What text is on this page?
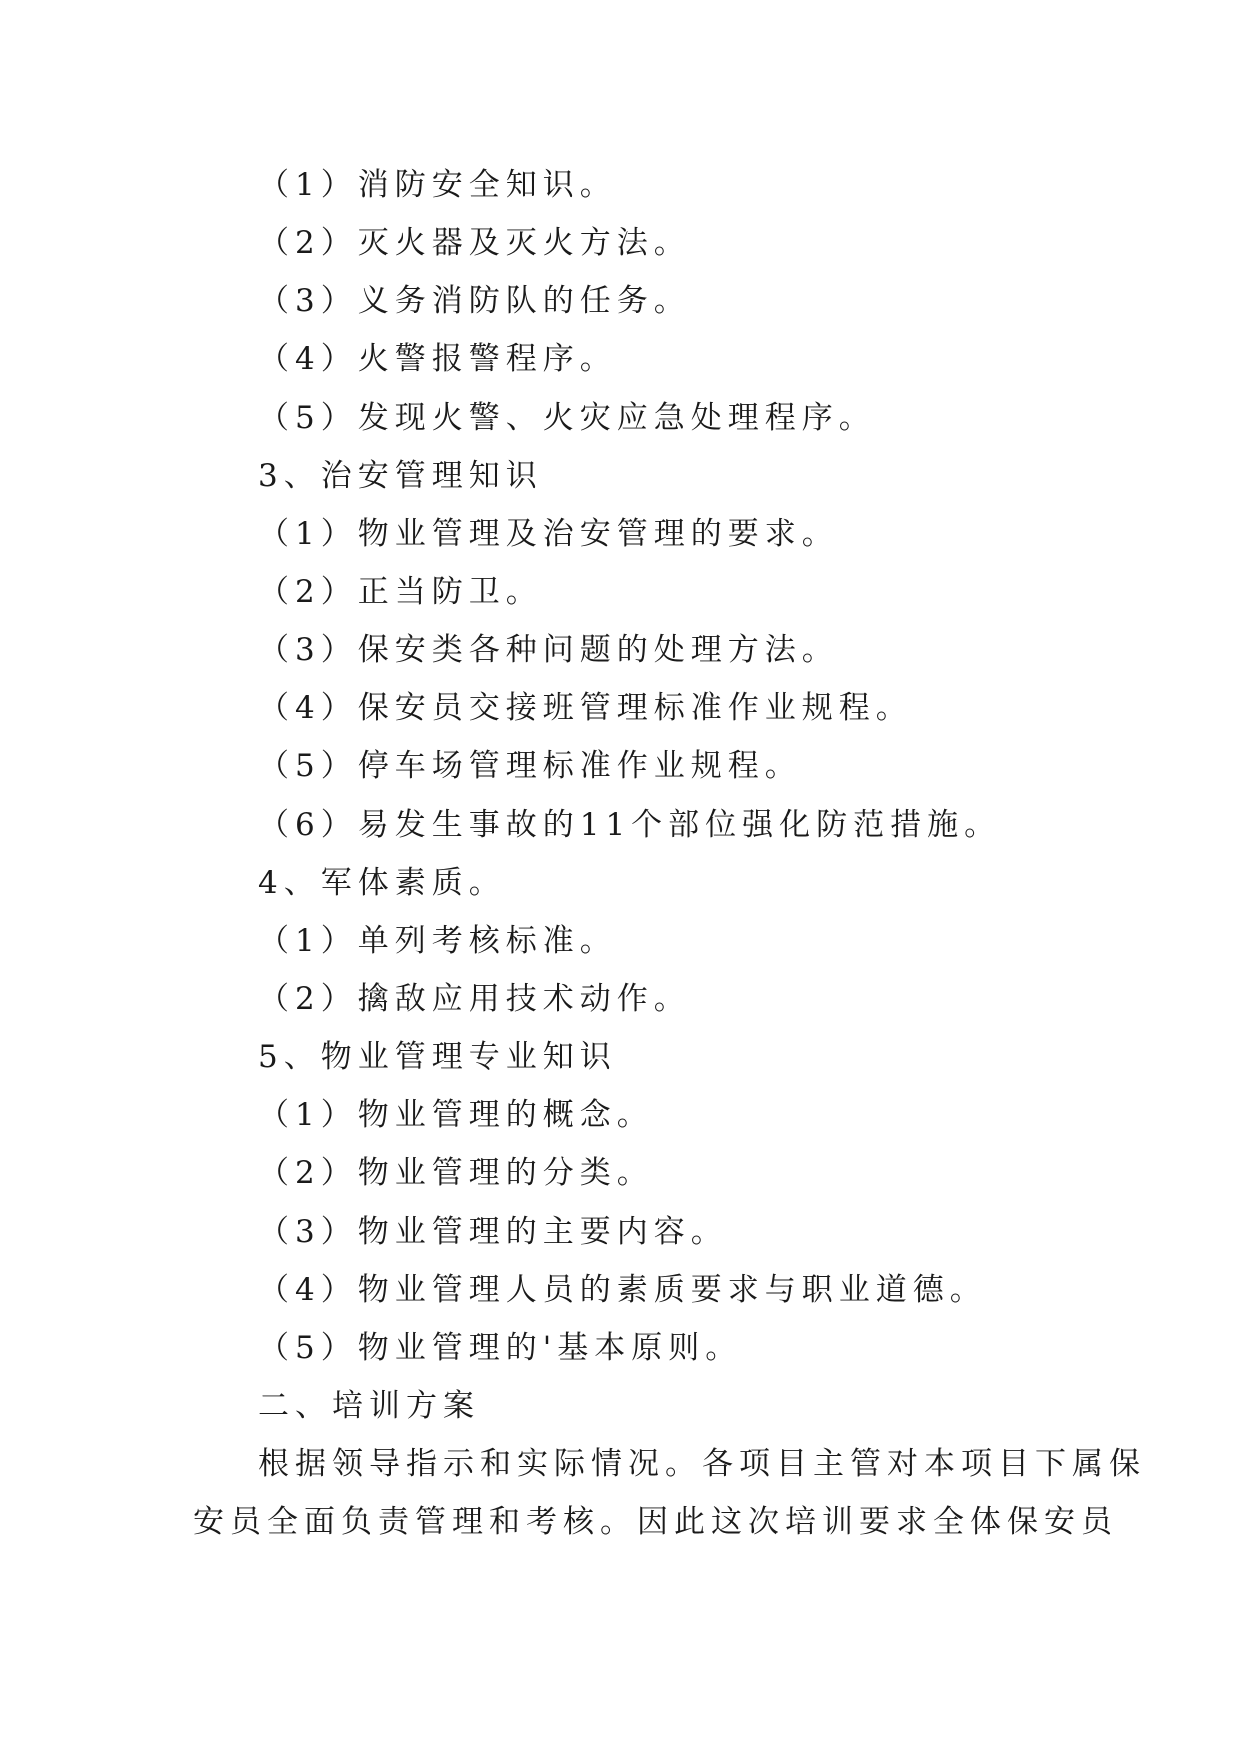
（1）消防安全知识。
（2）灭火器及灭火方法。
（3）义务消防队的任务。
（4）火警报警程序。
（5）发现火警、火灾应急处理程序。
3、治安管理知识
（1）物业管理及治安管理的要求。
（2）正当防卫。
（3）保安类各种问题的处理方法。
（4）保安员交接班管理标准作业规程。
（5）停车场管理标准作业规程。
（6）易发生事故的11个部位强化防范措施。
4、军体素质。
（1）单列考核标准。
（2）擒敌应用技术动作。
5、物业管理专业知识
（1）物业管理的概念。
（2）物业管理的分类。
（3）物业管理的主要内容。
（4）物业管理人员的素质要求与职业道德。
（5）物业管理的'基本原则。
二、培训方案
根据领导指示和实际情况。各项目主管对本项目下属保
安员全面负责管理和考核。因此这次培训要求全体保安员
